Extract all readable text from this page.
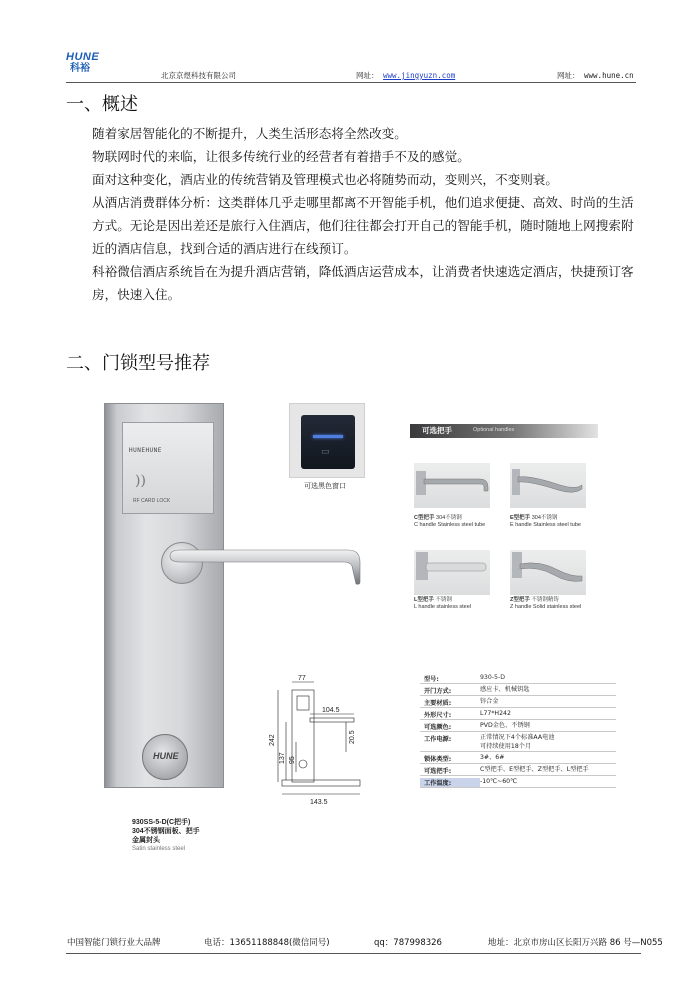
HUNE
科裕
北京京煜科技有限公司	网址： www.jingyuzn.com	网址： www.hune.cn
一、概述
随着家居智能化的不断提升，人类生活形态将全然改变。
物联网时代的来临，让很多传统行业的经营者有着措手不及的感觉。
面对这种变化，酒店业的传统营销及管理模式也必将随势而动，变则兴，不变则衰。
从酒店消费群体分析：这类群体几乎走哪里都离不开智能手机，他们追求便捷、高效、时尚的生活方式。无论是因出差还是旅行入住酒店，他们往往都会打开自己的智能手机，随时随地上网搜索附近的酒店信息，找到合适的酒店进行在线预订。
科裕微信酒店系统旨在为提升酒店营销，降低酒店运营成本，让消费者快速选定酒店，快捷预订客房，快速入住。
二、门锁型号推荐
HUNEHUNE
))
RF CARD LOCK
HUNE
930SS-5-D(C把手)
304不锈钢面板、把手
金属封头
Satin stainless steel
▭
可选黑色窗口
可选把手	Optional handles
C型把手 304不锈钢
C handle Stainless steel tube
E型把手 304不锈钢
E handle Stainless steel tube
L型把手 不锈钢
L handle stainless steel
Z型把手 不锈钢精铸
Z handle Solid stainless steel
77
104.5
242
137 95
20.5
143.5
型号:	930-5-D
开门方式:	感应卡、机械钥匙
主要材质:	锌合金
外形尺寸:	L77*H242
可选颜色:	PVD金色、不锈钢
工作电源:	正常情况下4个标准AA电池
可持续使用18个月
锁体类型:	3#、6#
可选把手:	C型把手、E型把手、Z型把手、L型把手
工作温度:	-10℃~60℃
中国智能门锁行业大品牌	电话：13651188848(微信同号)	qq：787998326	地址：北京市房山区长阳万兴路 86 号—N055
